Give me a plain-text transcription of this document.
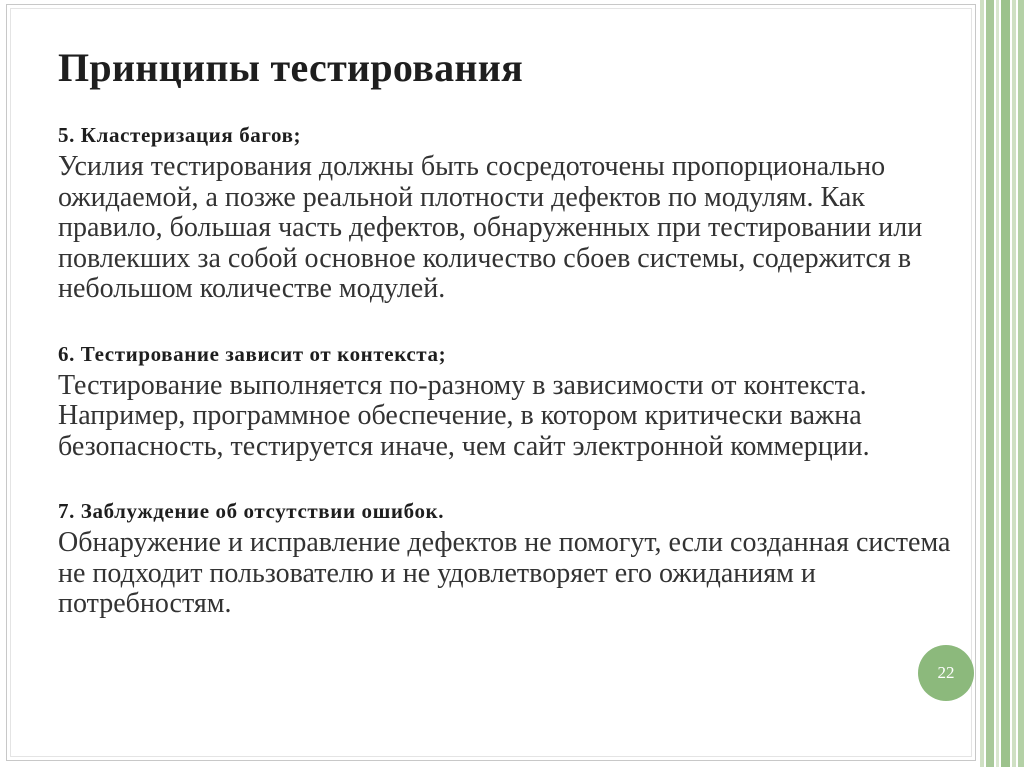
Принципы тестирования

5. Кластеризация багов;

Усилия тестирования должны быть сосредоточены пропорционально ожидаемой, а позже реальной плотности дефектов по модулям. Как правило, большая часть дефектов, обнаруженных при тестировании или повлекших за собой основное количество сбоев системы, содержится в небольшом количестве модулей.

6. Тестирование зависит от контекста;

Тестирование выполняется по-разному в зависимости от контекста. Например, программное обеспечение, в котором критически важна безопасность, тестируется иначе, чем сайт электронной коммерции.

7. Заблуждение об отсутствии ошибок.

Обнаружение и исправление дефектов не помогут, если созданная система не подходит пользователю и не удовлетворяет его ожиданиям и потребностям.

22
